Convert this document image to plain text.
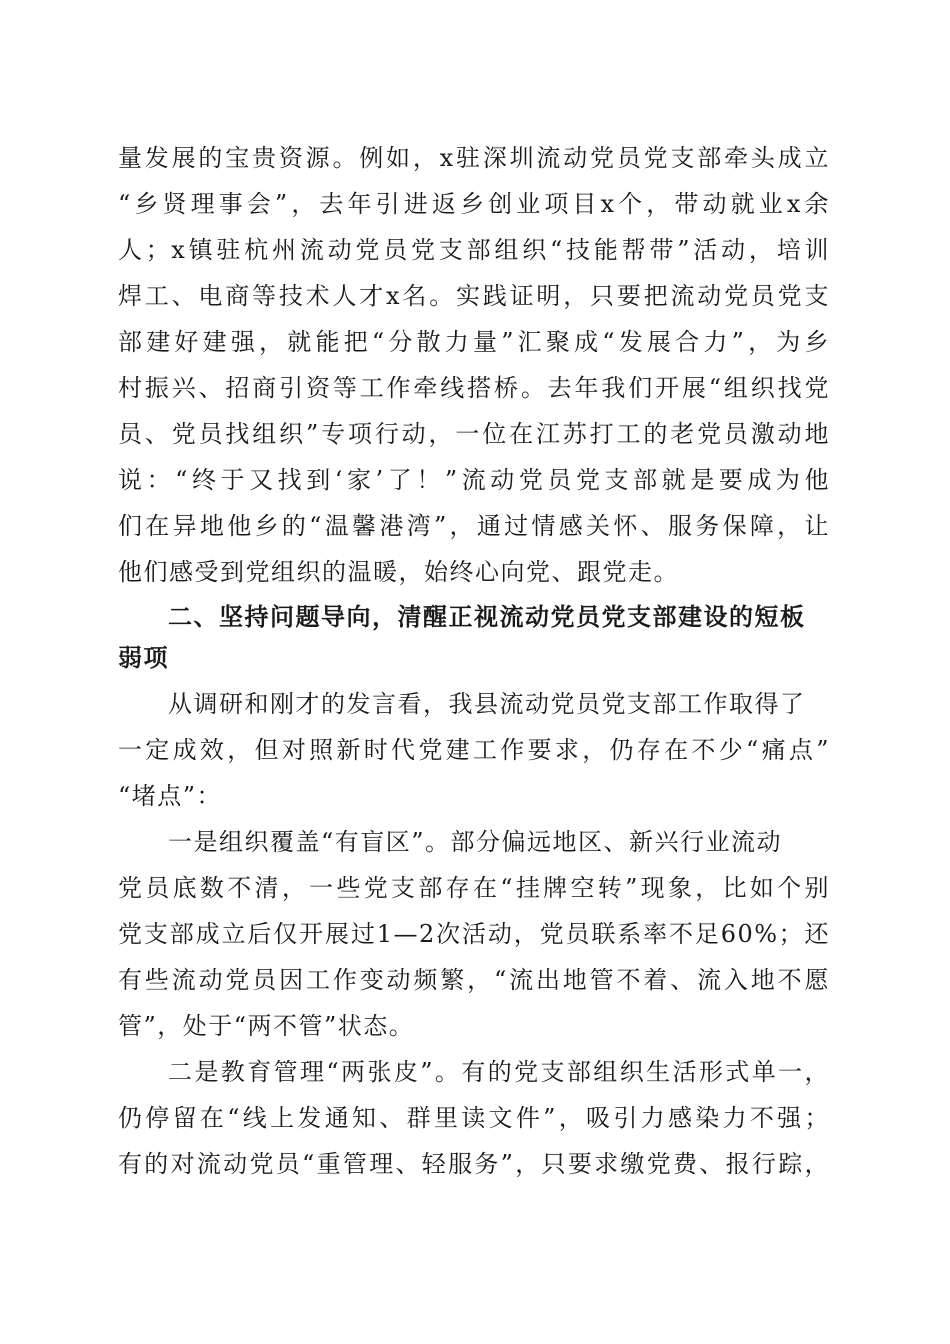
量发展的宝贵资源。例如，x驻深圳流动党员党支部牵头成立
“乡贤理事会”，去年引进返乡创业项目x个，带动就业x余
人；x镇驻杭州流动党员党支部组织“技能帮带”活动，培训
焊工、电商等技术人才x名。实践证明，只要把流动党员党支
部建好建强，就能把“分散力量”汇聚成“发展合力”，为乡
村振兴、招商引资等工作牵线搭桥。去年我们开展“组织找党
员、党员找组织”专项行动，一位在江苏打工的老党员激动地
说：“终于又找到‘家’了！”流动党员党支部就是要成为他
们在异地他乡的“温馨港湾”，通过情感关怀、服务保障，让
他们感受到党组织的温暖，始终心向党、跟党走。
二、坚持问题导向，清醒正视流动党员党支部建设的短板
弱项
从调研和刚才的发言看，我县流动党员党支部工作取得了
一定成效，但对照新时代党建工作要求，仍存在不少“痛点”
“堵点”：
一是组织覆盖“有盲区”。部分偏远地区、新兴行业流动
党员底数不清，一些党支部存在“挂牌空转”现象，比如个别
党支部成立后仅开展过1—2次活动，党员联系率不足60%；还
有些流动党员因工作变动频繁，“流出地管不着、流入地不愿
管”，处于“两不管”状态。
二是教育管理“两张皮”。有的党支部组织生活形式单一，
仍停留在“线上发通知、群里读文件”，吸引力感染力不强；
有的对流动党员“重管理、轻服务”，只要求缴党费、报行踪，
